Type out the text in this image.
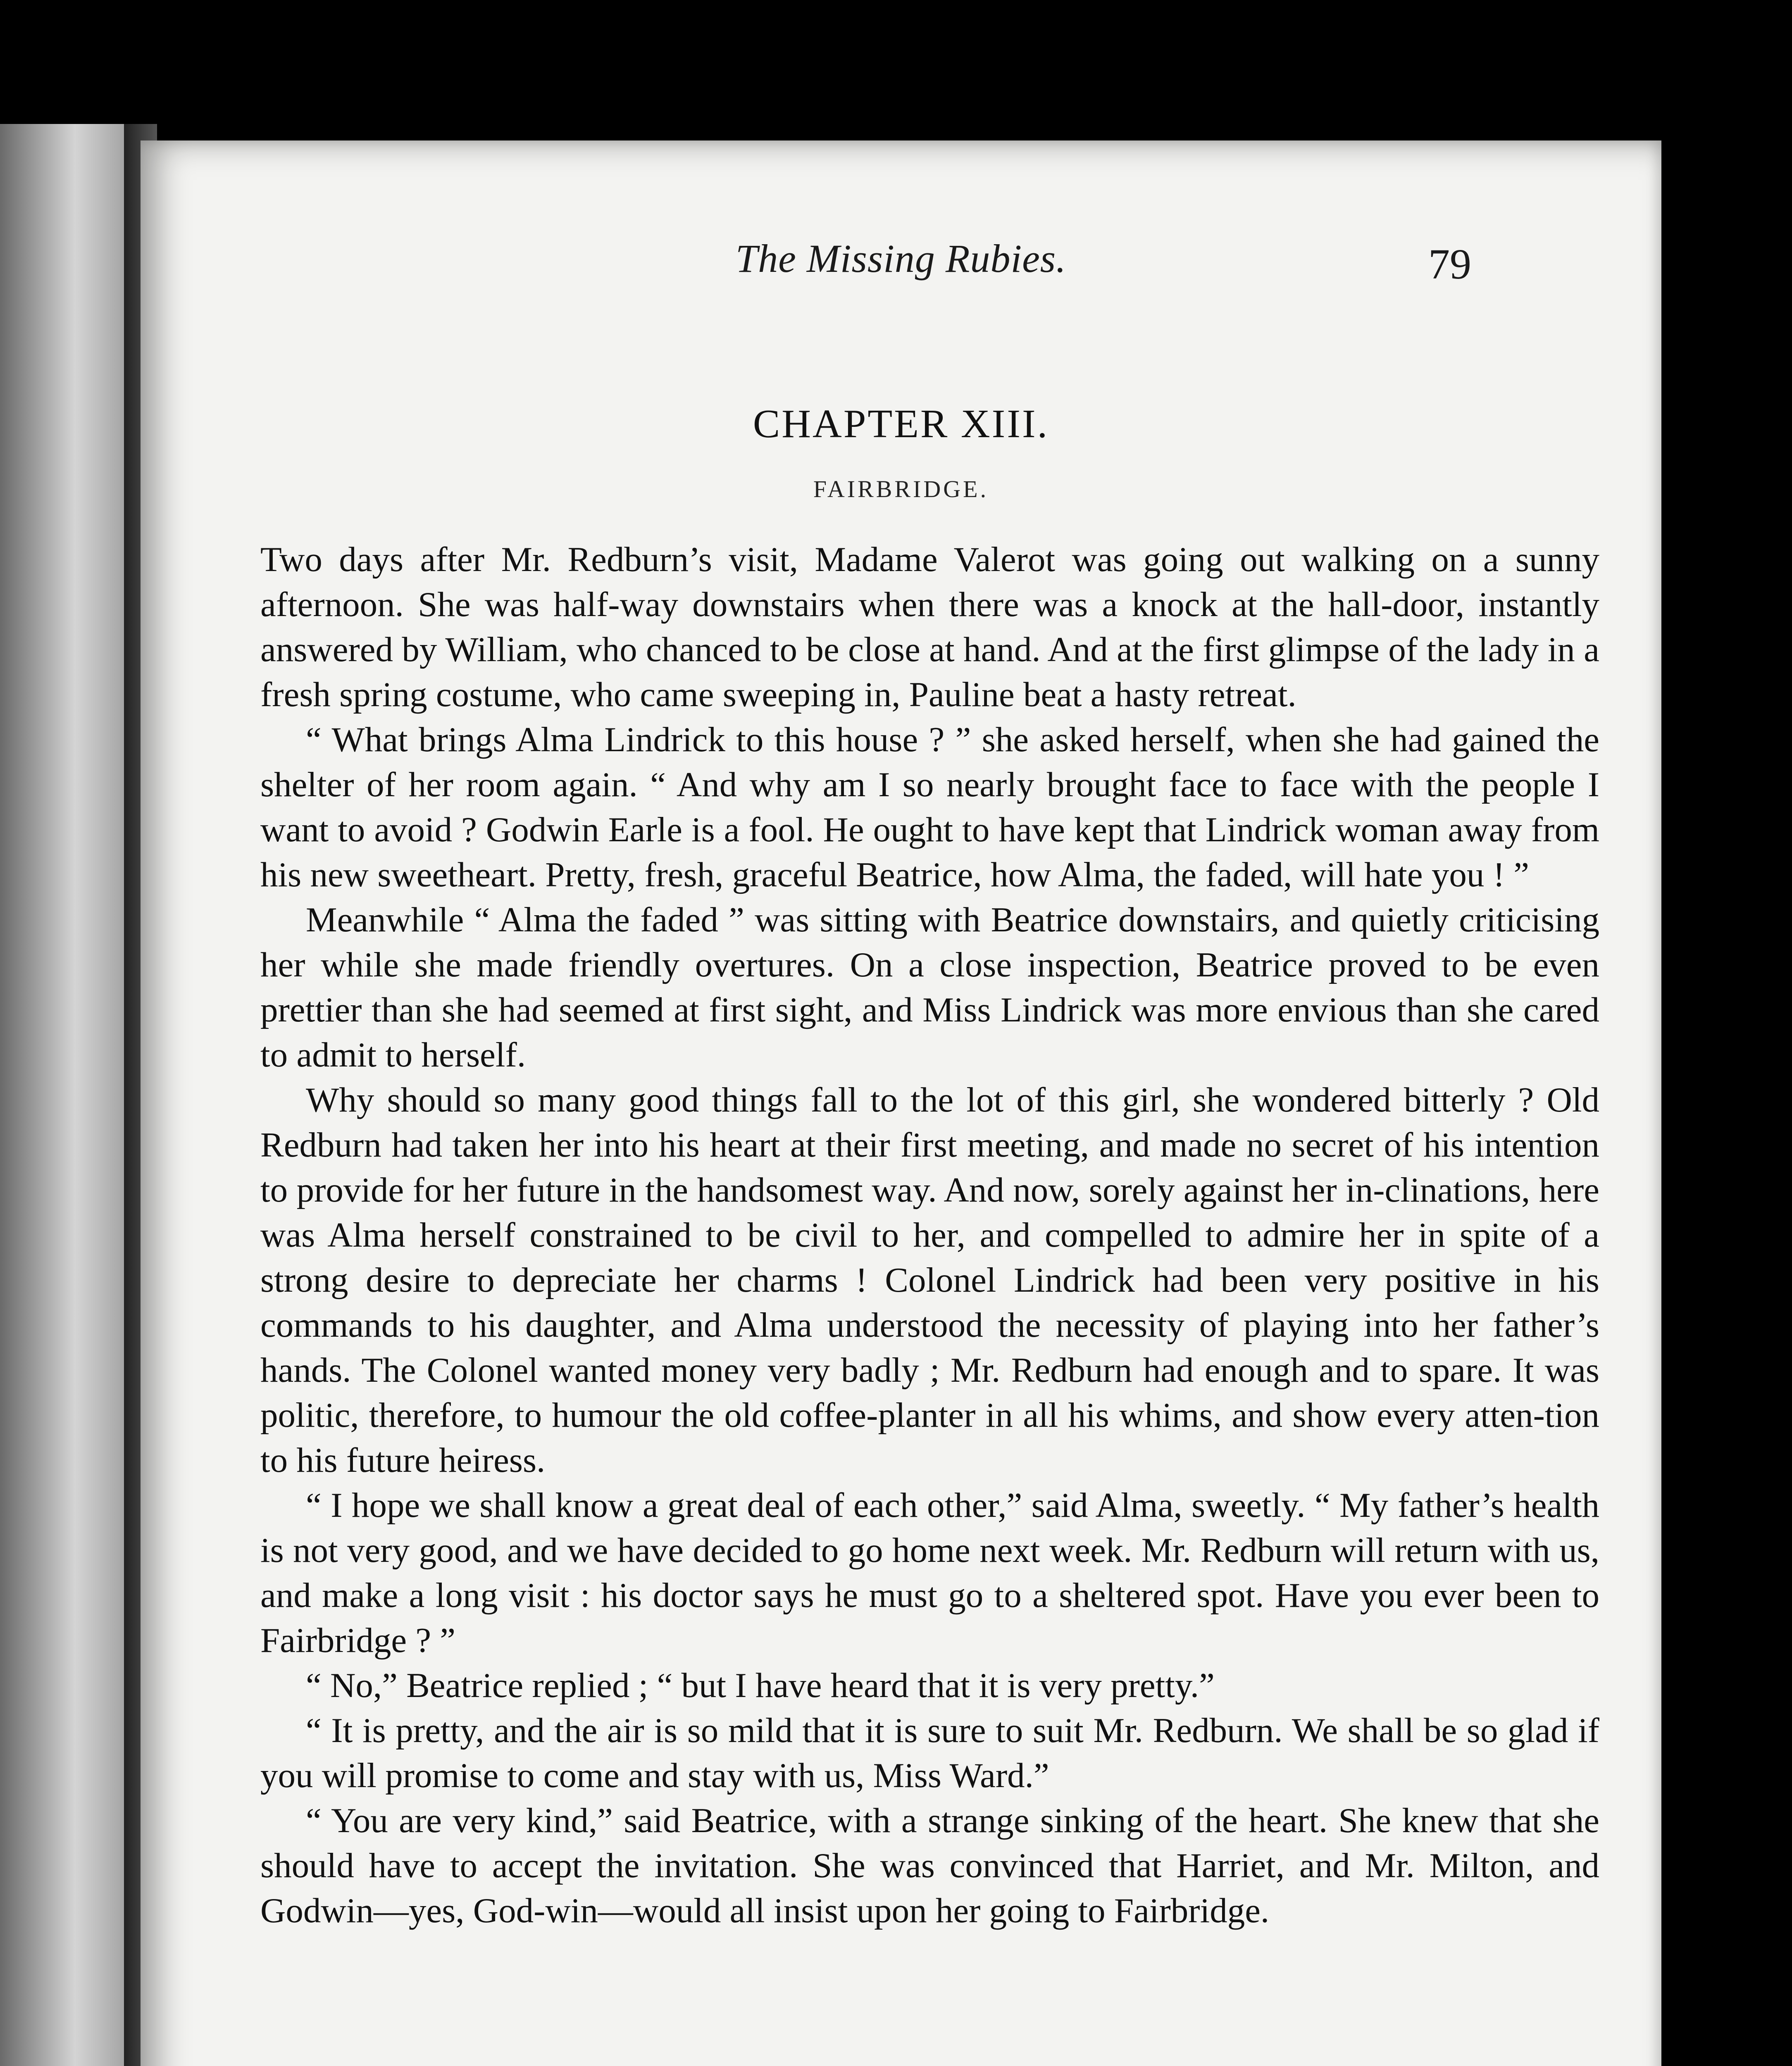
The Missing Rubies.	79
CHAPTER XIII.
FAIRBRIDGE.

Two days after Mr. Redburn’s visit, Madame Valerot was going out walking on a sunny afternoon. She was half-way downstairs when there was a knock at the hall-door, instantly answered by William, who chanced to be close at hand. And at the first glimpse of the lady in a fresh spring costume, who came sweeping in, Pauline beat a hasty retreat.

“ What brings Alma Lindrick to this house ? ” she asked herself, when she had gained the shelter of her room again. “ And why am I so nearly brought face to face with the people I want to avoid ? Godwin Earle is a fool. He ought to have kept that Lindrick woman away from his new sweetheart. Pretty, fresh, graceful Beatrice, how Alma, the faded, will hate you ! ”

Meanwhile “ Alma the faded ” was sitting with Beatrice downstairs, and quietly criticising her while she made friendly overtures. On a close inspection, Beatrice proved to be even prettier than she had seemed at first sight, and Miss Lindrick was more envious than she cared to admit to herself.

Why should so many good things fall to the lot of this girl, she wondered bitterly ? Old Redburn had taken her into his heart at their first meeting, and made no secret of his intention to provide for her future in the handsomest way. And now, sorely against her in-clinations, here was Alma herself constrained to be civil to her, and compelled to admire her in spite of a strong desire to depreciate her charms ! Colonel Lindrick had been very positive in his commands to his daughter, and Alma understood the necessity of playing into her father’s hands. The Colonel wanted money very badly ; Mr. Redburn had enough and to spare. It was politic, therefore, to humour the old coffee-planter in all his whims, and show every atten-tion to his future heiress.

“ I hope we shall know a great deal of each other,” said Alma, sweetly. “ My father’s health is not very good, and we have decided to go home next week. Mr. Redburn will return with us, and make a long visit : his doctor says he must go to a sheltered spot. Have you ever been to Fairbridge ? ”

“ No,” Beatrice replied ; “ but I have heard that it is very pretty.”

“ It is pretty, and the air is so mild that it is sure to suit Mr. Redburn. We shall be so glad if you will promise to come and stay with us, Miss Ward.”

“ You are very kind,” said Beatrice, with a strange sinking of the heart. She knew that she should have to accept the invitation. She was convinced that Harriet, and Mr. Milton, and Godwin—yes, God-win—would all insist upon her going to Fairbridge.
